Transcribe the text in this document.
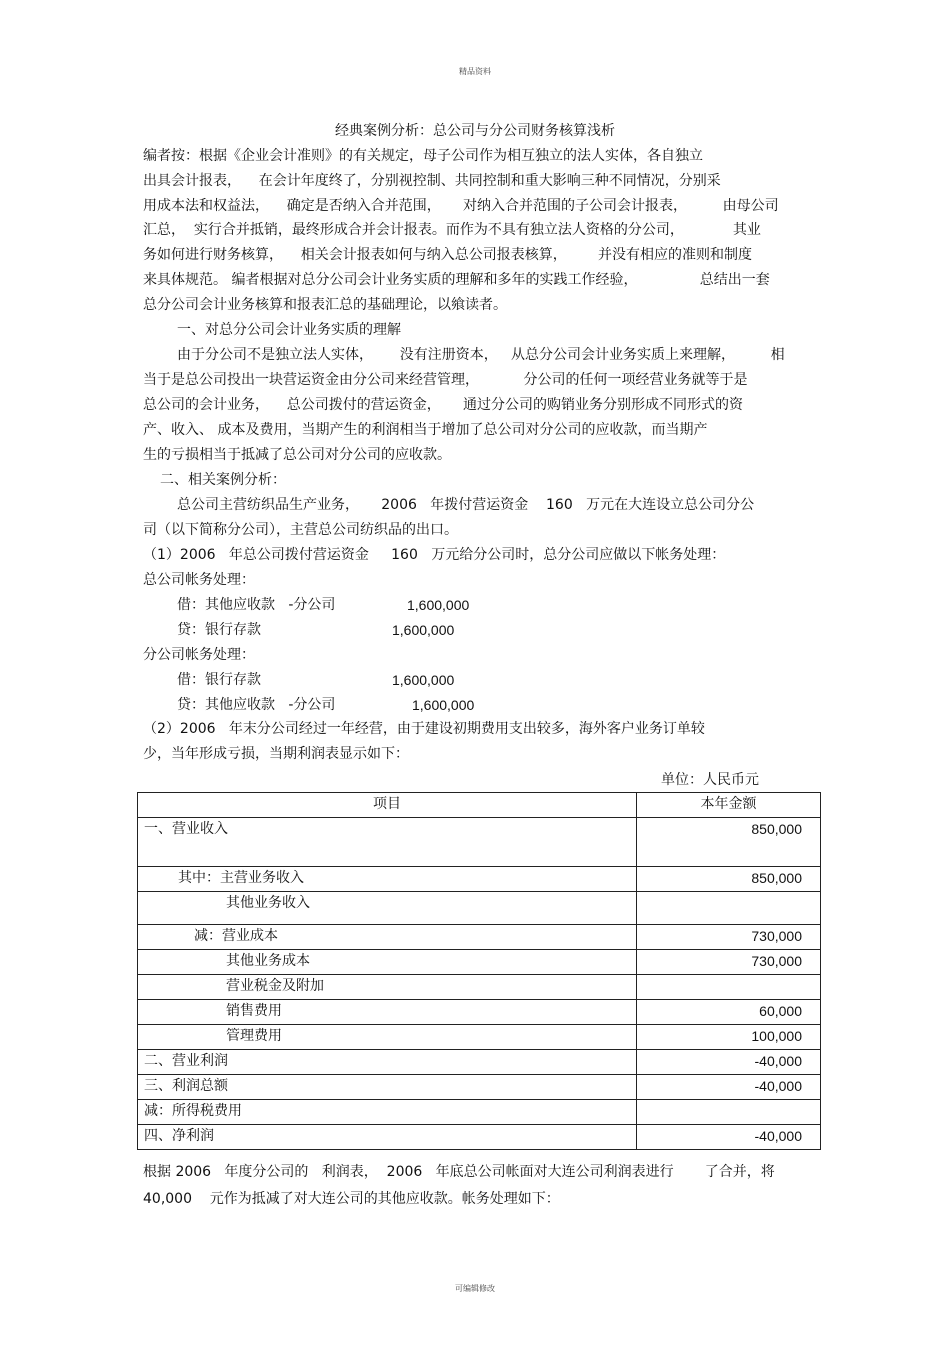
精品资料
经典案例分析：总公司与分公司财务核算浅析
编者按：根据《企业会计准则》的有关规定，母子公司作为相互独立的法人实体，各自独立
出具会计报表，    在会计年度终了，分别视控制、共同控制和重大影响三种不同情况，分别采
用成本法和权益法，    确定是否纳入合并范围，     对纳入合并范围的子公司会计报表，        由母公司
汇总，  实行合并抵销，最终形成合并会计报表。而作为不具有独立法人资格的分公司，           其业
务如何进行财务核算，    相关会计报表如何与纳入总公司报表核算，       并没有相应的准则和制度
来具体规范。 编者根据对总分公司会计业务实质的理解和多年的实践工作经验，              总结出一套
总分公司会计业务核算和报表汇总的基础理论，以飨读者。
一、对总分公司会计业务实质的理解
由于分公司不是独立法人实体，      没有注册资本，   从总分公司会计业务实质上来理解，        相
当于是总公司投出一块营运资金由分公司来经营管理，          分公司的任何一项经营业务就等于是
总公司的会计业务，    总公司拨付的营运资金，     通过分公司的购销业务分别形成不同形式的资
产、收入、 成本及费用，当期产生的利润相当于增加了总公司对分公司的应收款，而当期产
生的亏损相当于抵减了总公司对分公司的应收款。
二、相关案例分析：
总公司主营纺织品生产业务，     2006   年拨付营运资金    160   万元在大连设立总公司分公
司（以下简称分公司），主营总公司纺织品的出口。
（1）2006   年总公司拨付营运资金     160   万元给分公司时，总分公司应做以下帐务处理：
总公司帐务处理：
借：其他应收款   -分公司	1,600,000
贷：银行存款	1,600,000
分公司帐务处理：
借：银行存款	1,600,000
贷：其他应收款   -分公司	1,600,000
（2）2006   年末分公司经过一年经营，由于建设初期费用支出较多，海外客户业务订单较
少，当年形成亏损，当期利润表显示如下：
单位：人民币元
项目	本年金额
一、营业收入	850,000
其中：主营业务收入	850,000
其他业务收入	
减：营业成本	730,000
其他业务成本	730,000
营业税金及附加	
销售费用	60,000
管理费用	100,000
二、营业利润	-40,000
三、利润总额	-40,000
减：所得税费用	
四、净利润	-40,000
根据 2006   年度分公司的   利润表，  2006   年底总公司帐面对大连公司利润表进行       了合并，将
40,000    元作为抵减了对大连公司的其他应收款。帐务处理如下：
可编辑修改
